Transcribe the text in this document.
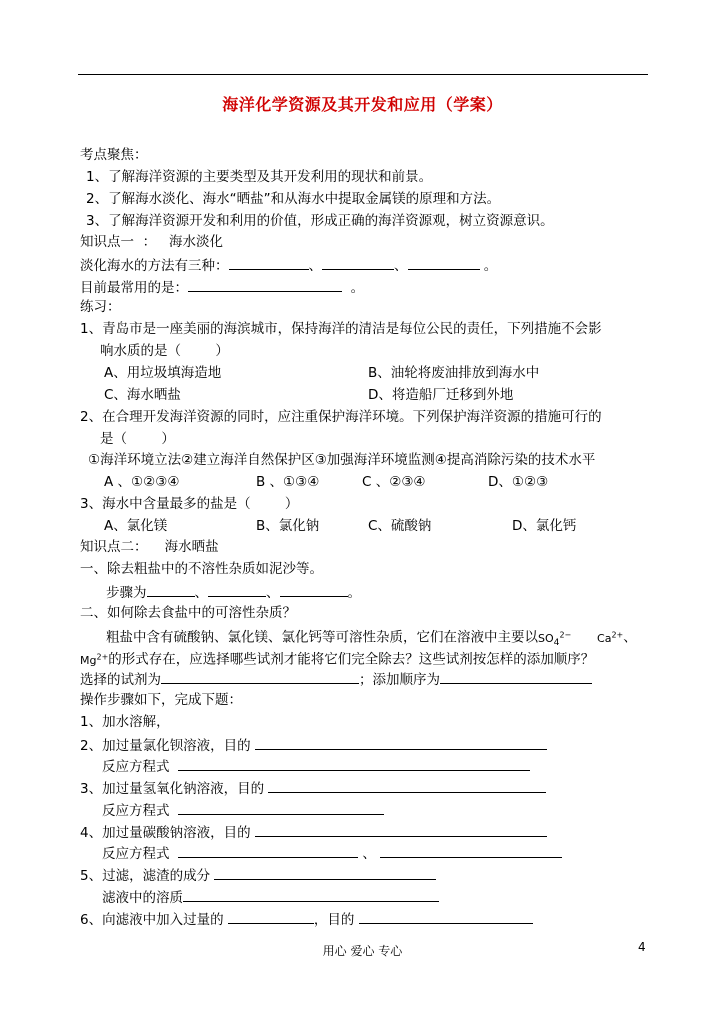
海洋化学资源及其开发和应用（学案）
考点聚焦：
1、了解海洋资源的主要类型及其开发利用的现状和前景。
2、了解海水淡化、海水“晒盐”和从海水中提取金属镁的原理和方法。
3、了解海洋资源开发和利用的价值，形成正确的海洋资源观，树立资源意识。
知识点一  ：   海水淡化
淡化海水的方法有三种：	、	、	。
目前最常用的是：	。
练习：
1、青岛市是一座美丽的海滨城市，保持海洋的清洁是每位公民的责任，下列措施不会影
响水质的是（        ）
A、用垃圾填海造地	B、油轮将废油排放到海水中
C、海水晒盐	D、将造船厂迁移到外地
2、在合理开发海洋资源的同时，应注重保护海洋环境。下列保护海洋资源的措施可行的
是（        ）
①海洋环境立法②建立海洋自然保护区③加强海洋环境监测④提高消除污染的技术水平
A 、①②③④	B 、①③④	C 、②③④	D、①②③
3、海水中含量最多的盐是（        ）
A、氯化镁	B、氯化钠	C、硫酸钠	D、氯化钙
知识点二：    海水晒盐
一、除去粗盐中的不溶性杂质如泥沙等。
步骤为	、	、	。
二、如何除去食盐中的可溶性杂质？
粗盐中含有硫酸钠、氯化镁、氯化钙等可溶性杂质，它们在溶液中主要以$SO_4^{2-}$ $Ca^{2+}$、
$Mg^{2+}$的形式存在，应选择哪些试剂才能将它们完全除去？这些试剂按怎样的添加顺序？
选择的试剂为	；添加顺序为
操作步骤如下，完成下题：
1、加水溶解，
2、加过量氯化钡溶液，目的
反应方程式
3、加过量氢氧化钠溶液，目的
反应方程式
4、加过量碳酸钠溶液，目的
反应方程式	、
5、过滤，滤渣的成分
滤液中的溶质
6、向滤液中加入过量的	，目的
用心 爱心 专心	4
